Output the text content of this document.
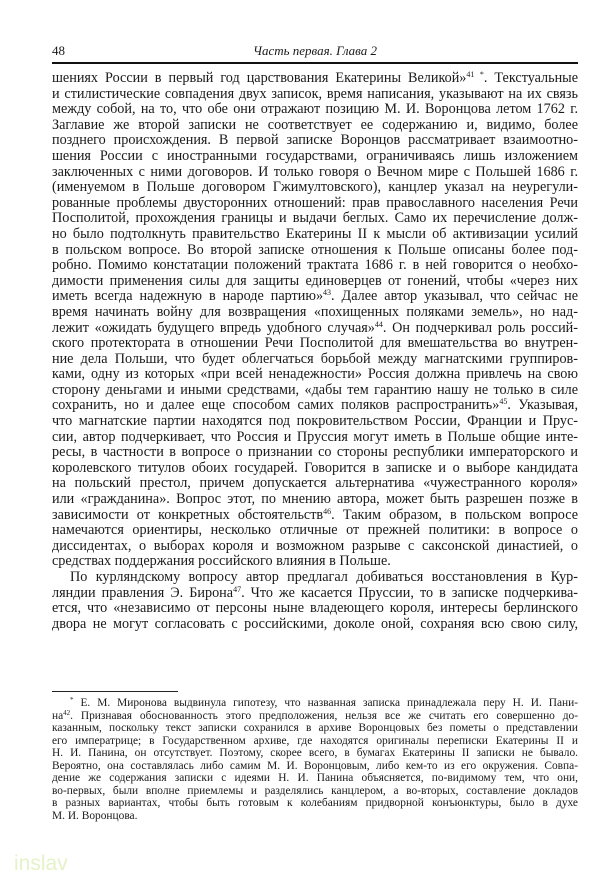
48	Часть первая. Глава 2
шениях России в первый год царствования Екатерины Великой»$^{41 *}$. Текстуальные
и стилистические совпадения двух записок, время написания, указывают на их связь
между собой, на то, что обе они отражают позицию М. И. Воронцова летом 1762 г.
Заглавие же второй записки не соответствует ее содержанию и, видимо, более
позднего происхождения. В первой записке Воронцов рассматривает взаимоотно-
шения России с иностранными государствами, ограничиваясь лишь изложением
заключенных с ними договоров. И только говоря о Вечном мире с Польшей 1686 г.
(именуемом в Польше договором Гжимултовского), канцлер указал на неурегули-
рованные проблемы двусторонних отношений: прав православного населения Речи
Посполитой, прохождения границы и выдачи беглых. Само их перечисление долж-
но было подтолкнуть правительство Екатерины II к мысли об активизации усилий
в польском вопросе. Во второй записке отношения к Польше описаны более под-
робно. Помимо констатации положений трактата 1686 г. в ней говорится о необхо-
димости применения силы для защиты единоверцев от гонений, чтобы «через них
иметь всегда надежную в народе партию»$^{43}$. Далее автор указывал, что сейчас не
время начинать войну для возвращения «похищенных поляками земель», но над-
лежит «ожидать будущего впредь удобного случая»$^{44}$. Он подчеркивал роль россий-
ского протектората в отношении Речи Посполитой для вмешательства во внутрен-
ние дела Польши, что будет облегчаться борьбой между магнатскими группиров-
ками, одну из которых «при всей ненадежности» Россия должна привлечь на свою
сторону деньгами и иными средствами, «дабы тем гарантию нашу не только в силе
сохранить, но и далее еще способом самих поляков распространить»$^{45}$. Указывая,
что магнатские партии находятся под покровительством России, Франции и Прус-
сии, автор подчеркивает, что Россия и Пруссия могут иметь в Польше общие инте-
ресы, в частности в вопросе о признании со стороны республики императорского и
королевского титулов обоих государей. Говорится в записке и о выборе кандидата
на польский престол, причем допускается альтернатива «чужестранного короля»
или «гражданина». Вопрос этот, по мнению автора, может быть разрешен позже в
зависимости от конкретных обстоятельств$^{46}$. Таким образом, в польском вопросе
намечаются ориентиры, несколько отличные от прежней политики: в вопросе о
диссидентах, о выборах короля и возможном разрыве с саксонской династией, о
средствах поддержания российского влияния в Польше.
По курляндскому вопросу автор предлагал добиваться восстановления в Кур-
ляндии правления Э. Бирона$^{47}$. Что же касается Пруссии, то в записке подчеркива-
ется, что «независимо от персоны ныне владеющего короля, интересы берлинского
двора не могут согласовать с российскими, доколе оной, сохраняя всю свою силу,
* Е. М. Миронова выдвинула гипотезу, что названная записка принадлежала перу Н. И. Пани-
$на^{42}$. Признавая обоснованность этого предположения, нельзя все же считать его совершенно до-
казанным, поскольку текст записки сохранился в архиве Воронцовых без пометы о представлении
его императрице; в Государственном архиве, где находятся оригиналы переписки Екатерины II и
Н. И. Панина, он отсутствует. Поэтому, скорее всего, в бумагах Екатерины II записки не бывало.
Вероятно, она составлялась либо самим М. И. Воронцовым, либо кем-то из его окружения. Совпа-
дение же содержания записки с идеями Н. И. Панина объясняется, по-видимому тем, что они,
во-первых, были вполне приемлемы и разделялись канцлером, а во-вторых, составление докладов
в разных вариантах, чтобы быть готовым к колебаниям придворной конъюнктуры, было в духе
М. И. Воронцова.
inslav
